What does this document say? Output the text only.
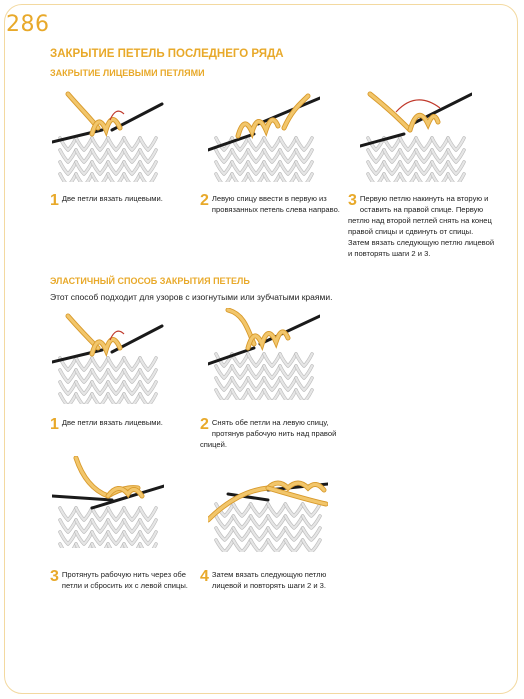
286
ЗАКРЫТИЕ ПЕТЕЛЬ ПОСЛЕДНЕГО РЯДА
ЗАКРЫТИЕ ЛИЦЕВЫМИ ПЕТЛЯМИ
1 Две петли вязать лицевыми.	2 Левую спицу ввести в первую из провязанных петель слева направо.
3 Первую петлю накинуть на вторую и оставить на правой спице. Первую петлю над второй петлей снять на конец правой спицы и сдвинуть от спицы. Затем вязать следующую петлю лицевой и повторять шаги 2 и 3.
ЭЛАСТИЧНЫЙ СПОСОБ ЗАКРЫТИЯ ПЕТЕЛЬ
Этот способ подходит для узоров с изогнутыми или зубчатыми краями.
1 Две петли вязать лицевыми.	2 Снять обе петли на левую спицу, протянув рабочую нить над правой спицей.
3 Протянуть рабочую нить через обе петли и сбросить их с левой спицы.
4 Затем вязать следующую петлю лицевой и повторять шаги 2 и 3.
